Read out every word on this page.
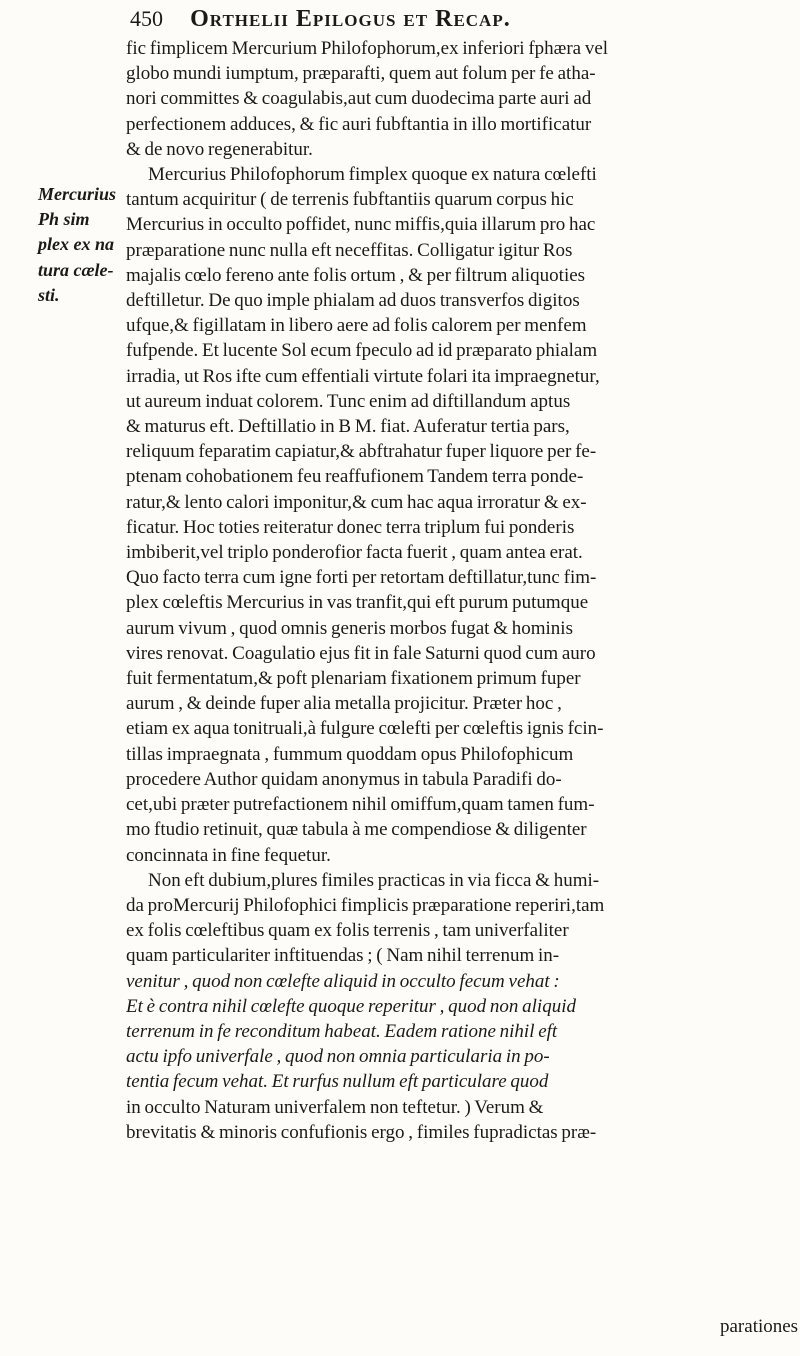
450 Orthelii Epilogus et Recap.
Mercurius
Ph sim
plex ex na
tura cæle-
sti.
fic fimplicem Mercurium Philofophorum,ex inferiori fphæra vel
globo mundi iumptum, præparafti, quem aut folum per fe atha-
nori committes & coagulabis,aut cum duodecima parte auri ad
perfectionem adduces, & fic auri fubftantia in illo mortificatur
& de novo regenerabitur.
Mercurius Philofophorum fimplex quoque ex natura cœlefti
tantum acquiritur ( de terrenis fubftantiis quarum corpus hic
Mercurius in occulto poffidet, nunc miffis,quia illarum pro hac
præparatione nunc nulla eft neceffitas. Colligatur igitur Ros
majalis cœlo fereno ante folis ortum , & per filtrum aliquoties
deftilletur. De quo imple phialam ad duos transverfos digitos
ufque,& figillatam in libero aere ad folis calorem per menfem
fufpende. Et lucente Sol ecum fpeculo ad id præparato phialam
irradia, ut Ros ifte cum effentiali virtute folari ita impraegnetur,
ut aureum induat colorem. Tunc enim ad diftillandum aptus
& maturus eft. Deftillatio in B M. fiat. Auferatur tertia pars,
reliquum feparatim capiatur,& abftrahatur fuper liquore per fe-
ptenam cohobationem feu reaffufionem Tandem terra ponde-
ratur,& lento calori imponitur,& cum hac aqua irroratur & ex-
ficatur. Hoc toties reiteratur donec terra triplum fui ponderis
imbiberit,vel triplo ponderofior facta fuerit , quam antea erat.
Quo facto terra cum igne forti per retortam deftillatur,tunc fim-
plex cœleftis Mercurius in vas tranfit,qui eft purum putumque
aurum vivum , quod omnis generis morbos fugat & hominis
vires renovat. Coagulatio ejus fit in fale Saturni quod cum auro
fuit fermentatum,& poft plenariam fixationem primum fuper
aurum , & deinde fuper alia metalla projicitur. Præter hoc ,
etiam ex aqua tonitruali,à fulgure cœlefti per cœleftis ignis fcin-
tillas impraegnata , fummum quoddam opus Philofophicum
procedere Author quidam anonymus in tabula Paradifi do-
cet,ubi præter putrefactionem nihil omiffum,quam tamen fum-
mo ftudio retinuit, quæ tabula à me compendiose & diligenter
concinnata in fine fequetur.
Non eft dubium,plures fimiles practicas in via ficca & humi-
da proMercurij Philofophici fimplicis præparatione reperiri,tam
ex folis cœleftibus quam ex folis terrenis , tam univerfaliter
quam particulariter inftituendas ; ( Nam nihil terrenum in-
venitur , quod non cœlefte aliquid in occulto fecum vehat :
Et è contra nihil cœlefte quoque reperitur , quod non aliquid
terrenum in fe reconditum habeat. Eadem ratione nihil eft
actu ipfo univerfale , quod non omnia particularia in po-
tentia fecum vehat. Et rurfus nullum eft particulare quod
in occulto Naturam univerfalem non teftetur. ) Verum &
brevitatis & minoris confufionis ergo , fimiles fupradictas præ-
parationes
